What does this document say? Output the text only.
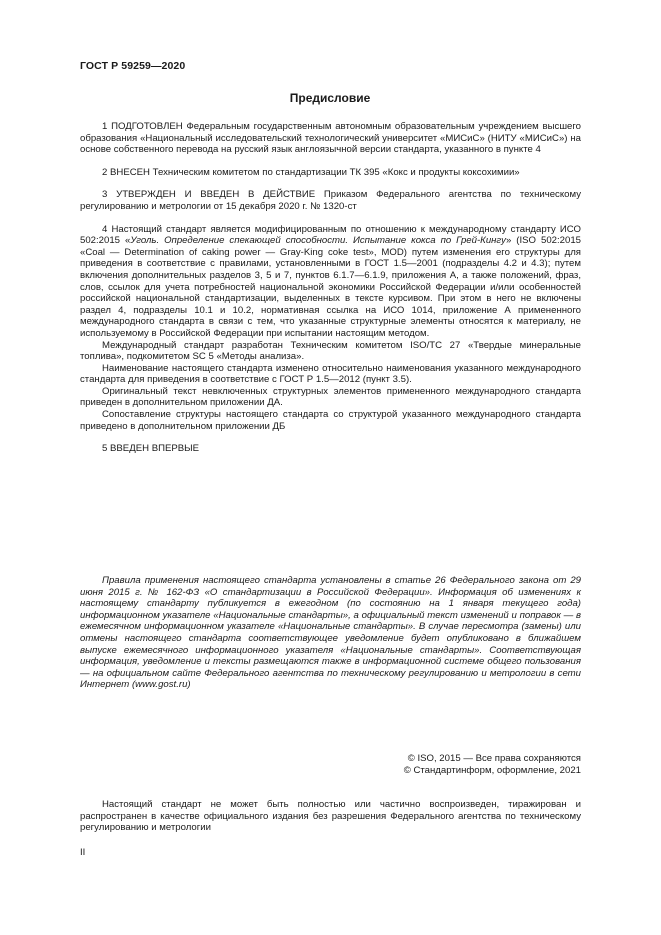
ГОСТ Р 59259—2020
Предисловие

1 ПОДГОТОВЛЕН Федеральным государственным автономным образовательным учреждением высшего образования «Национальный исследовательский технологический университет «МИСиС» (НИТУ «МИСиС») на основе собственного перевода на русский язык англоязычной версии стандарта, указанного в пункте 4

2 ВНЕСЕН Техническим комитетом по стандартизации ТК 395 «Кокс и продукты коксохимии»

3 УТВЕРЖДЕН И ВВЕДЕН В ДЕЙСТВИЕ Приказом Федерального агентства по техническому регулированию и метрологии от 15 декабря 2020 г. № 1320-ст

4 Настоящий стандарт является модифицированным по отношению к международному стандарту ИСО 502:2015 «Уголь. Определение спекающей способности. Испытание кокса по Грей-Кингу» (ISO 502:2015 «Coal — Determination of caking power — Gray-King coke test», MOD) путем изменения его структуры для приведения в соответствие с правилами, установленными в ГОСТ 1.5—2001 (подразделы 4.2 и 4.3); путем включения дополнительных разделов 3, 5 и 7, пунктов 6.1.7—6.1.9, приложения А, а также положений, фраз, слов, ссылок для учета потребностей национальной экономики Российской Федерации и/или особенностей российской национальной стандартизации, выделенных в тексте курсивом. При этом в него не включены раздел 4, подразделы 10.1 и 10.2, нормативная ссылка на ИСО 1014, приложение А примененного международного стандарта в связи с тем, что указанные структурные элементы относятся к материалу, не используемому в Российской Федерации при испытании настоящим методом.

Международный стандарт разработан Техническим комитетом ISO/TC 27 «Твердые минеральные топлива», подкомитетом SC 5 «Методы анализа».

Наименование настоящего стандарта изменено относительно наименования указанного международного стандарта для приведения в соответствие с ГОСТ Р 1.5—2012 (пункт 3.5).

Оригинальный текст невключенных структурных элементов примененного международного стандарта приведен в дополнительном приложении ДА.

Сопоставление структуры настоящего стандарта со структурой указанного международного стандарта приведено в дополнительном приложении ДБ

5 ВВЕДЕН ВПЕРВЫЕ

Правила применения настоящего стандарта установлены в статье 26 Федерального закона от 29 июня 2015 г. № 162-ФЗ «О стандартизации в Российской Федерации». Информация об изменениях к настоящему стандарту публикуется в ежегодном (по состоянию на 1 января текущего года) информационном указателе «Национальные стандарты», а официальный текст изменений и поправок — в ежемесячном информационном указателе «Национальные стандарты». В случае пересмотра (замены) или отмены настоящего стандарта соответствующее уведомление будет опубликовано в ближайшем выпуске ежемесячного информационного указателя «Национальные стандарты». Соответствующая информация, уведомление и тексты размещаются также в информационной системе общего пользования — на официальном сайте Федерального агентства по техническому регулированию и метрологии в сети Интернет (www.gost.ru)

© ISO, 2015 — Все права сохраняются
© Стандартинформ, оформление, 2021

Настоящий стандарт не может быть полностью или частично воспроизведен, тиражирован и распространен в качестве официального издания без разрешения Федерального агентства по техническому регулированию и метрологии

II
